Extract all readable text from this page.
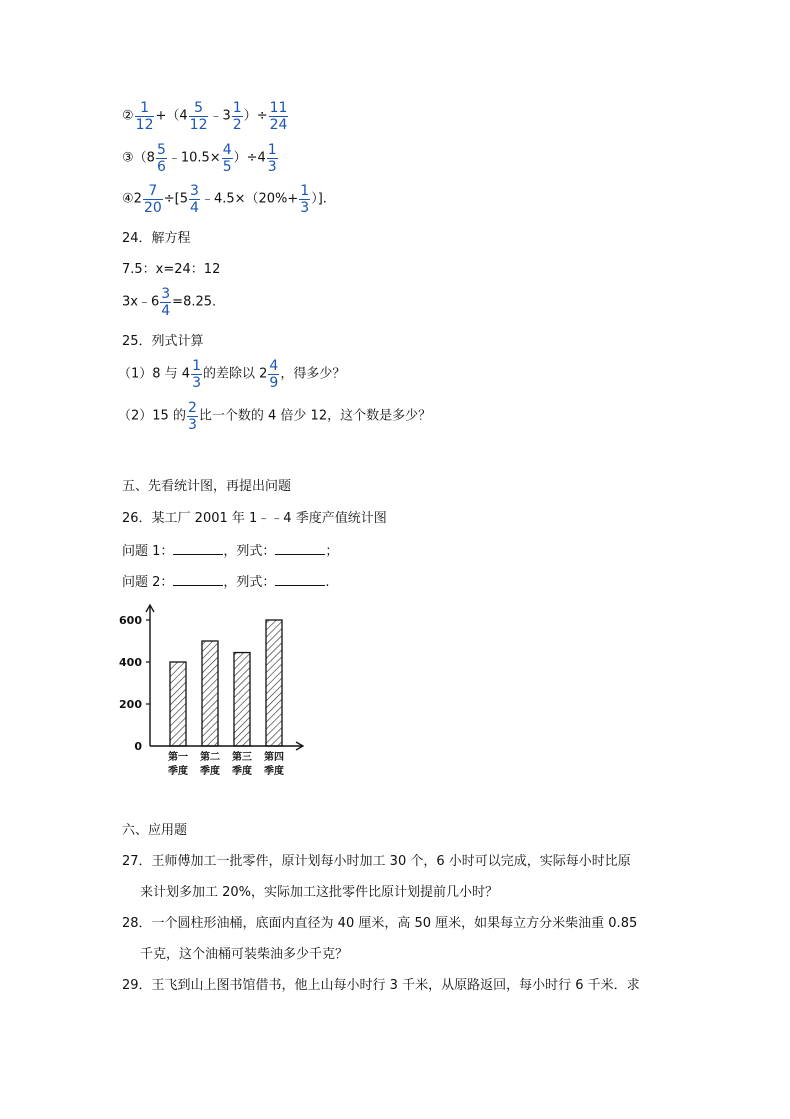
② $\frac{1}{12} +(4 \frac{5}{12}$ ﹣3 $\frac{1}{2}$ ）÷ $\frac{11}{24}$
③（8 $\frac{5}{6}$ ﹣10.5× $\frac{4}{5} )\div 4 \frac{1}{3}$
④2 $\frac{7}{20} \div[5 \frac{3}{4}$ ﹣4.5×（20%+ $\frac{1}{3}$ ）].
24．解方程
7.5：x=24：12
3x﹣6 $\frac{3}{4} =8.25$.
25．列式计算
（1）8 与 $4 \frac{1}{3}$ 的差除以 $2 \frac{4}{9}$ ，得多少？
（2）15 的 $\frac{2}{3}$ 比一个数的 4 倍少 12，这个数是多少？
五、先看统计图，再提出问题
26．某工厂 2001 年 1﹣﹣4 季度产值统计图
问题 1：	，列式：	；
问题 2：	，列式：	.
0
200
400
600
第一
季度
第二
季度
第三
季度
第四
季度
六、应用题
27．王师傅加工一批零件，原计划每小时加工 30 个，6 小时可以完成，实际每小时比原
来计划多加工 20%，实际加工这批零件比原计划提前几小时？
28．一个圆柱形油桶，底面内直径为 40 厘米，高 50 厘米，如果每立方分米柴油重 0.85
千克，这个油桶可装柴油多少千克？
29．王飞到山上图书馆借书，他上山每小时行 3 千米，从原路返回，每小时行 6 千米．求
